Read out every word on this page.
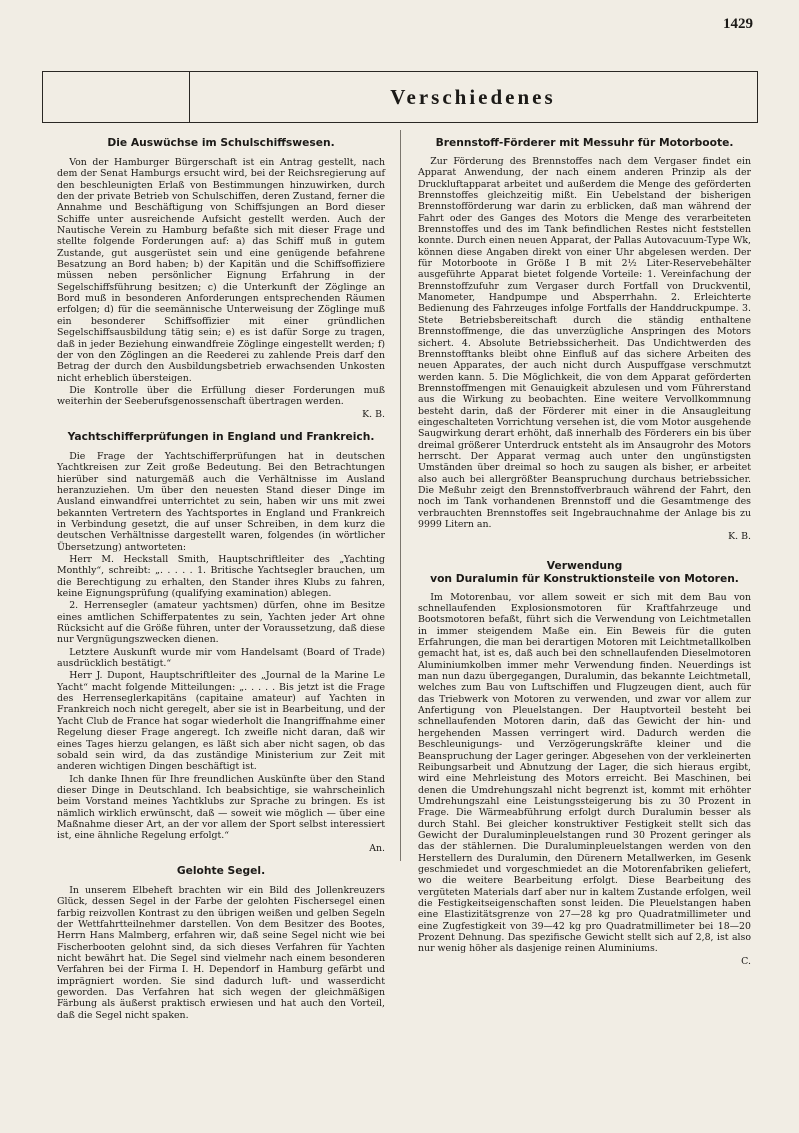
1429
Verschiedenes
Die Auswüchse im Schulschiffswesen.

Von der Hamburger Bürgerschaft ist ein Antrag gestellt, nach dem der Senat Hamburgs ersucht wird, bei der Reichsregierung auf den beschleunigten Erlaß von Bestimmungen hinzuwirken, durch den der private Betrieb von Schulschiffen, deren Zustand, ferner die Annahme und Beschäftigung von Schiffsjungen an Bord dieser Schiffe unter ausreichende Aufsicht gestellt werden. Auch der Nautische Verein zu Hamburg befaßte sich mit dieser Frage und stellte folgende Forderungen auf: a) das Schiff muß in gutem Zustande, gut ausgerüstet sein und eine genügende befahrene Besatzung an Bord haben; b) der Kapitän und die Schiffsoffiziere müssen neben persönlicher Eignung Erfahrung in der Segelschiffsführung besitzen; c) die Unterkunft der Zöglinge an Bord muß in besonderen Anforderungen entsprechenden Räumen erfolgen; d) für die seemännische Unterweisung der Zöglinge muß ein besonderer Schiffsoffizier mit einer gründlichen Segelschiffsausbildung tätig sein; e) es ist dafür Sorge zu tragen, daß in jeder Beziehung einwandfreie Zöglinge eingestellt werden; f) der von den Zöglingen an die Reederei zu zahlende Preis darf den Betrag der durch den Ausbildungsbetrieb erwachsenden Unkosten nicht erheblich übersteigen.

Die Kontrolle über die Erfüllung dieser Forderungen muß weiterhin der Seeberufsgenossenschaft übertragen werden.

K. B.

Yachtschifferprüfungen in England und Frankreich.

Die Frage der Yachtschifferprüfungen hat in deutschen Yachtkreisen zur Zeit große Bedeutung. Bei den Betrachtungen hierüber sind naturgemäß auch die Verhältnisse im Ausland heranzuziehen. Um über den neuesten Stand dieser Dinge im Ausland einwandfrei unterrichtet zu sein, haben wir uns mit zwei bekannten Vertretern des Yachtsportes in England und Frankreich in Verbindung gesetzt, die auf unser Schreiben, in dem kurz die deutschen Verhältnisse dargestellt waren, folgendes (in wörtlicher Übersetzung) antworteten:

Herr M. Heckstall Smith, Hauptschriftleiter des „Yachting Monthly“, schreibt: „. . . . . 1. Britische Yachtsegler brauchen, um die Berechtigung zu erhalten, den Stander ihres Klubs zu fahren, keine Eignungsprüfung (qualifying examination) ablegen.

2. Herrensegler (amateur yachtsmen) dürfen, ohne im Besitze eines amtlichen Schifferpatentes zu sein, Yachten jeder Art ohne Rücksicht auf die Größe führen, unter der Voraussetzung, daß diese nur Vergnügungszwecken dienen.

Letztere Auskunft wurde mir vom Handelsamt (Board of Trade) ausdrücklich bestätigt.“

Herr J. Dupont, Hauptschriftleiter des „Journal de la Marine Le Yacht“ macht folgende Mitteilungen: „. . . . . Bis jetzt ist die Frage des Herrenseglerkapitäns (capitaine amateur) auf Yachten in Frankreich noch nicht geregelt, aber sie ist in Bearbeitung, und der Yacht Club de France hat sogar wiederholt die Inangriffnahme einer Regelung dieser Frage angeregt. Ich zweifle nicht daran, daß wir eines Tages hierzu gelangen, es läßt sich aber nicht sagen, ob das sobald sein wird, da das zuständige Ministerium zur Zeit mit anderen wichtigen Dingen beschäftigt ist.

Ich danke Ihnen für Ihre freundlichen Auskünfte über den Stand dieser Dinge in Deutschland. Ich beabsichtige, sie wahrscheinlich beim Vorstand meines Yachtklubs zur Sprache zu bringen. Es ist nämlich wirklich erwünscht, daß — soweit wie möglich — über eine Maßnahme dieser Art, an der vor allem der Sport selbst interessiert ist, eine ähnliche Regelung erfolgt.“

An.

Gelohte Segel.

In unserem Elbeheft brachten wir ein Bild des Jollenkreuzers Glück, dessen Segel in der Farbe der gelohten Fischersegel einen farbig reizvollen Kontrast zu den übrigen weißen und gelben Segeln der Wettfahrtteilnehmer darstellen. Von dem Besitzer des Bootes, Herrn Hans Malmberg, erfahren wir, daß seine Segel nicht wie bei Fischerbooten gelohnt sind, da sich dieses Verfahren für Yachten nicht bewährt hat. Die Segel sind vielmehr nach einem besonderen Verfahren bei der Firma I. H. Dependorf in Hamburg gefärbt und imprägniert worden. Sie sind dadurch luft- und wasserdicht geworden. Das Verfahren hat sich wegen der gleichmäßigen Färbung als äußerst praktisch erwiesen und hat auch den Vorteil, daß die Segel nicht spaken.

Brennstoff-Förderer mit Messuhr für Motorboote.

Zur Förderung des Brennstoffes nach dem Vergaser findet ein Apparat Anwendung, der nach einem anderen Prinzip als der Druckluftapparat arbeitet und außerdem die Menge des geförderten Brennstoffes gleichzeitig mißt. Ein Uebelstand der bisherigen Brennstofförderung war darin zu erblicken, daß man während der Fahrt oder des Ganges des Motors die Menge des verarbeiteten Brennstoffes und des im Tank befindlichen Restes nicht feststellen konnte. Durch einen neuen Apparat, der Pallas Autovacuum-Type Wk, können diese Angaben direkt von einer Uhr abgelesen werden. Der für Motorboote in Größe I B mit 2½ Liter-Reservebehälter ausgeführte Apparat bietet folgende Vorteile: 1. Vereinfachung der Brennstoffzufuhr zum Vergaser durch Fortfall von Druckventil, Manometer, Handpumpe und Absperrhahn. 2. Erleichterte Bedienung des Fahrzeuges infolge Fortfalls der Handdruckpumpe. 3. Stete Betriebsbereitschaft durch die ständig enthaltene Brennstoffmenge, die das unverzügliche Anspringen des Motors sichert. 4. Absolute Betriebssicherheit. Das Undichtwerden des Brennstofftanks bleibt ohne Einfluß auf das sichere Arbeiten des neuen Apparates, der auch nicht durch Auspuffgase verschmutzt werden kann. 5. Die Möglichkeit, die von dem Apparat geförderten Brennstoffmengen mit Genauigkeit abzulesen und vom Führerstand aus die Wirkung zu beobachten. Eine weitere Vervollkommnung besteht darin, daß der Förderer mit einer in die Ansaugleitung eingeschalteten Vorrichtung versehen ist, die vom Motor ausgehende Saugwirkung derart erhöht, daß innerhalb des Förderers ein bis über dreimal größerer Unterdruck entsteht als im Ansaugrohr des Motors herrscht. Der Apparat vermag auch unter den ungünstigsten Umständen über dreimal so hoch zu saugen als bisher, er arbeitet also auch bei allergrößter Beanspruchung durchaus betriebssicher. Die Meßuhr zeigt den Brennstoffverbrauch während der Fahrt, den noch im Tank vorhandenen Brennstoff und die Gesamtmenge des verbrauchten Brennstoffes seit Ingebrauchnahme der Anlage bis zu 9999 Litern an.

K. B.

Verwendung
von Duralumin für Konstruktionsteile von Motoren.

Im Motorenbau, vor allem soweit er sich mit dem Bau von schnellaufenden Explosionsmotoren für Kraftfahrzeuge und Bootsmotoren befaßt, führt sich die Verwendung von Leichtmetallen in immer steigendem Maße ein. Ein Beweis für die guten Erfahrungen, die man bei derartigen Motoren mit Leichtmetallkolben gemacht hat, ist es, daß auch bei den schnellaufenden Dieselmotoren Aluminiumkolben immer mehr Verwendung finden. Neuerdings ist man nun dazu übergegangen, Duralumin, das bekannte Leichtmetall, welches zum Bau von Luftschiffen und Flugzeugen dient, auch für das Triebwerk von Motoren zu verwenden, und zwar vor allem zur Anfertigung von Pleuelstangen. Der Hauptvorteil besteht bei schnellaufenden Motoren darin, daß das Gewicht der hin- und hergehenden Massen verringert wird. Dadurch werden die Beschleunigungs- und Verzögerungskräfte kleiner und die Beanspruchung der Lager geringer. Abgesehen von der verkleinerten Reibungsarbeit und Abnutzung der Lager, die sich hieraus ergibt, wird eine Mehrleistung des Motors erreicht. Bei Maschinen, bei denen die Umdrehungszahl nicht begrenzt ist, kommt mit erhöhter Umdrehungszahl eine Leistungssteigerung bis zu 30 Prozent in Frage. Die Wärmeabführung erfolgt durch Duralumin besser als durch Stahl. Bei gleicher konstruktiver Festigkeit stellt sich das Gewicht der Duraluminpleuelstangen rund 30 Prozent geringer als das der stählernen. Die Duraluminpleuelstangen werden von den Herstellern des Duralumin, den Dürenern Metallwerken, im Gesenk geschmiedet und vorgeschmiedet an die Motorenfabriken geliefert, wo die weitere Bearbeitung erfolgt. Diese Bearbeitung des vergüteten Materials darf aber nur in kaltem Zustande erfolgen, weil die Festigkeitseigenschaften sonst leiden. Die Pleuelstangen haben eine Elastizitätsgrenze von 27—28 kg pro Quadratmillimeter und eine Zugfestigkeit von 39—42 kg pro Quadratmillimeter bei 18—20 Prozent Dehnung. Das spezifische Gewicht stellt sich auf 2,8, ist also nur wenig höher als dasjenige reinen Aluminiums.

C.
